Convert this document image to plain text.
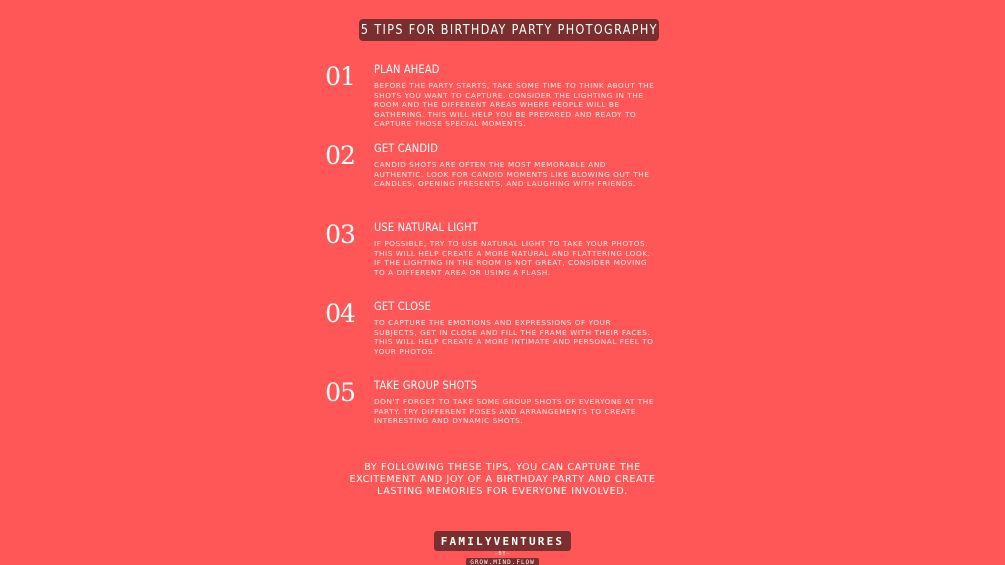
5 TIPS FOR BIRTHDAY PARTY PHOTOGRAPHY
01	PLAN AHEAD
BEFORE THE PARTY STARTS, TAKE SOME TIME TO THINK ABOUT THE SHOTS YOU WANT TO CAPTURE. CONSIDER THE LIGHTING IN THE ROOM AND THE DIFFERENT AREAS WHERE PEOPLE WILL BE GATHERING. THIS WILL HELP YOU BE PREPARED AND READY TO CAPTURE THOSE SPECIAL MOMENTS.
02	GET CANDID
CANDID SHOTS ARE OFTEN THE MOST MEMORABLE AND AUTHENTIC. LOOK FOR CANDID MOMENTS LIKE BLOWING OUT THE CANDLES, OPENING PRESENTS, AND LAUGHING WITH FRIENDS.
03	USE NATURAL LIGHT
IF POSSIBLE, TRY TO USE NATURAL LIGHT TO TAKE YOUR PHOTOS. THIS WILL HELP CREATE A MORE NATURAL AND FLATTERING LOOK. IF THE LIGHTING IN THE ROOM IS NOT GREAT, CONSIDER MOVING TO A DIFFERENT AREA OR USING A FLASH.
04	GET CLOSE
TO CAPTURE THE EMOTIONS AND EXPRESSIONS OF YOUR SUBJECTS, GET IN CLOSE AND FILL THE FRAME WITH THEIR FACES. THIS WILL HELP CREATE A MORE INTIMATE AND PERSONAL FEEL TO YOUR PHOTOS.
05	TAKE GROUP SHOTS
DON'T FORGET TO TAKE SOME GROUP SHOTS OF EVERYONE AT THE PARTY. TRY DIFFERENT POSES AND ARRANGEMENTS TO CREATE INTERESTING AND DYNAMIC SHOTS.
BY FOLLOWING THESE TIPS, YOU CAN CAPTURE THE EXCITEMENT AND JOY OF A BIRTHDAY PARTY AND CREATE LASTING MEMORIES FOR EVERYONE INVOLVED.
FAMILYVENTURES
-BY-
GROW.MIND.FLOW
